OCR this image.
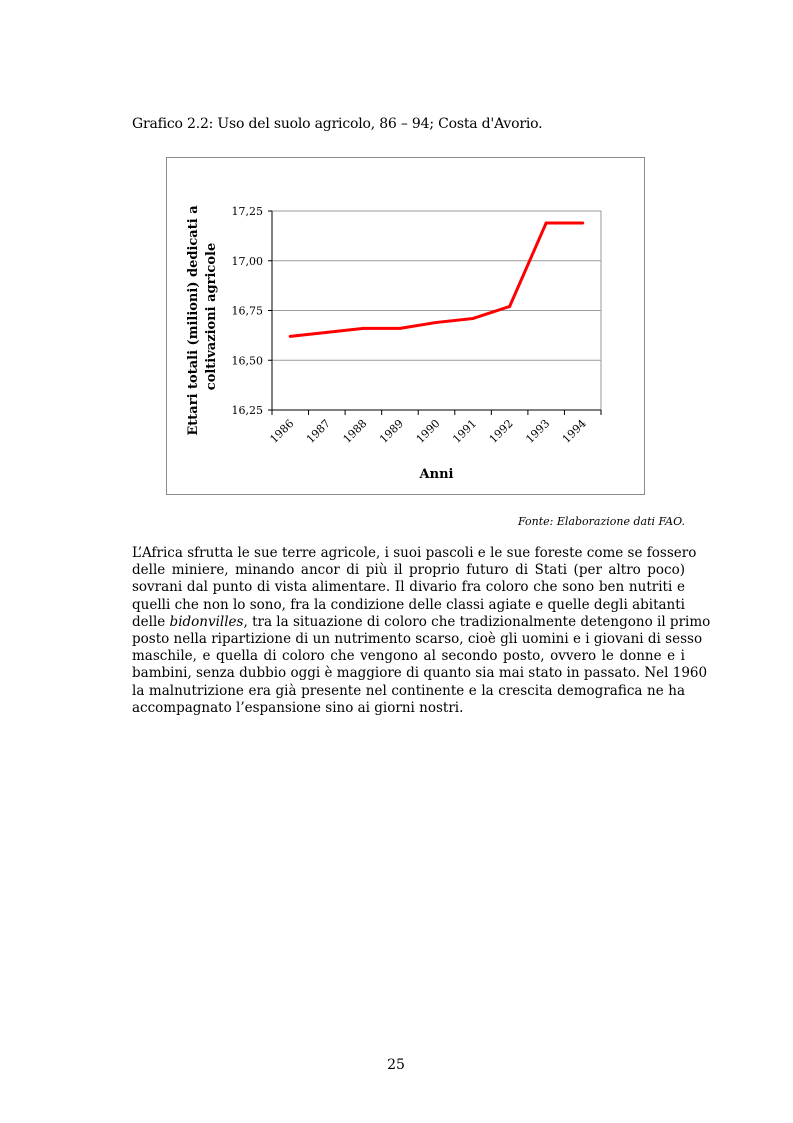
Grafico 2.2: Uso del suolo agricolo, 86 – 94; Costa d'Avorio.
16,25
16,50
16,75
17,00
17,25
1986 1987 1988 1989 1990 1991 1992 1993 1994
Anni
Ettari totali (milioni) dedicati a coltivazioni agricole
Fonte: Elaborazione dati FAO.
L’Africa sfrutta le sue terre agricole, i suoi pascoli e le sue foreste come se fossero
delle miniere, minando ancor di più il proprio futuro di Stati (per altro poco)
sovrani dal punto di vista alimentare. Il divario fra coloro che sono ben nutriti e
quelli che non lo sono, fra la condizione delle classi agiate e quelle degli abitanti
delle bidonvilles, tra la situazione di coloro che tradizionalmente detengono il primo
posto nella ripartizione di un nutrimento scarso, cioè gli uomini e i giovani di sesso
maschile, e quella di coloro che vengono al secondo posto, ovvero le donne e i
bambini, senza dubbio oggi è maggiore di quanto sia mai stato in passato. Nel 1960
la malnutrizione era già presente nel continente e la crescita demografica ne ha
accompagnato l’espansione sino ai giorni nostri.
25
